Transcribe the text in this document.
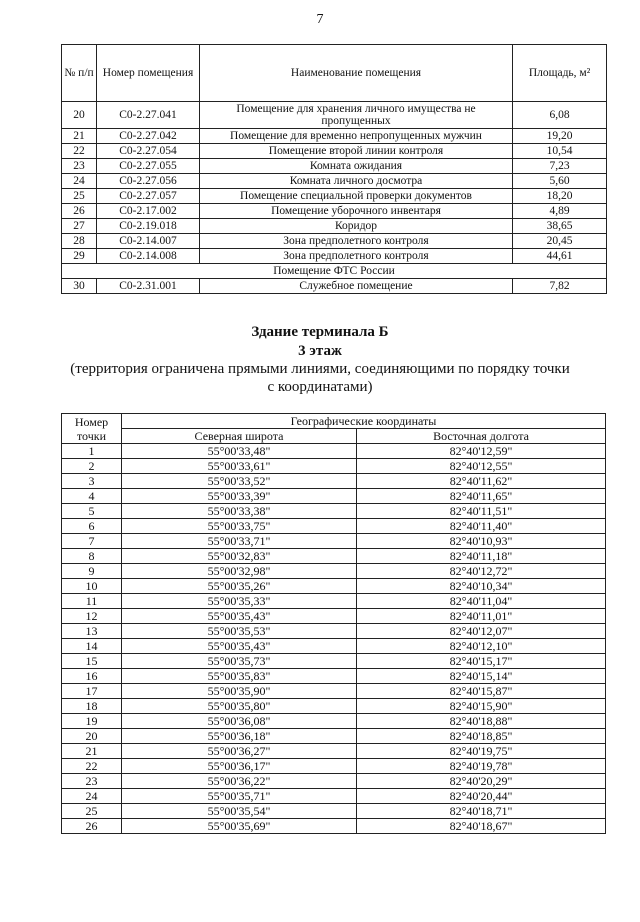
7
№ п/п	Номер помещения	Наименование помещения	Площадь, м²
20	С0-2.27.041	Помещение для хранения личного имущества не пропущенных	6,08
21	С0-2.27.042	Помещение для временно непропущенных мужчин	19,20
22	С0-2.27.054	Помещение второй линии контроля	10,54
23	С0-2.27.055	Комната ожидания	7,23
24	С0-2.27.056	Комната личного досмотра	5,60
25	С0-2.27.057	Помещение специальной проверки документов	18,20
26	С0-2.17.002	Помещение уборочного инвентаря	4,89
27	С0-2.19.018	Коридор	38,65
28	С0-2.14.007	Зона предполетного контроля	20,45
29	С0-2.14.008	Зона предполетного контроля	44,61
Помещение ФТС России			
30	С0-2.31.001	Служебное помещение	7,82
Здание терминала Б
3 этаж
(территория ограничена прямыми линиями, соединяющими по порядку точки
с координатами)
Номер точки	Географические координаты	
	Северная широта	Восточная долгота
1	55°00'33,48"	82°40'12,59"
2	55°00'33,61"	82°40'12,55"
3	55°00'33,52"	82°40'11,62"
4	55°00'33,39"	82°40'11,65"
5	55°00'33,38"	82°40'11,51"
6	55°00'33,75"	82°40'11,40"
7	55°00'33,71"	82°40'10,93"
8	55°00'32,83"	82°40'11,18"
9	55°00'32,98"	82°40'12,72"
10	55°00'35,26"	82°40'10,34"
11	55°00'35,33"	82°40'11,04"
12	55°00'35,43"	82°40'11,01"
13	55°00'35,53"	82°40'12,07"
14	55°00'35,43"	82°40'12,10"
15	55°00'35,73"	82°40'15,17"
16	55°00'35,83"	82°40'15,14"
17	55°00'35,90"	82°40'15,87"
18	55°00'35,80"	82°40'15,90"
19	55°00'36,08"	82°40'18,88"
20	55°00'36,18"	82°40'18,85"
21	55°00'36,27"	82°40'19,75"
22	55°00'36,17"	82°40'19,78"
23	55°00'36,22"	82°40'20,29"
24	55°00'35,71"	82°40'20,44"
25	55°00'35,54"	82°40'18,71"
26	55°00'35,69"	82°40'18,67"
